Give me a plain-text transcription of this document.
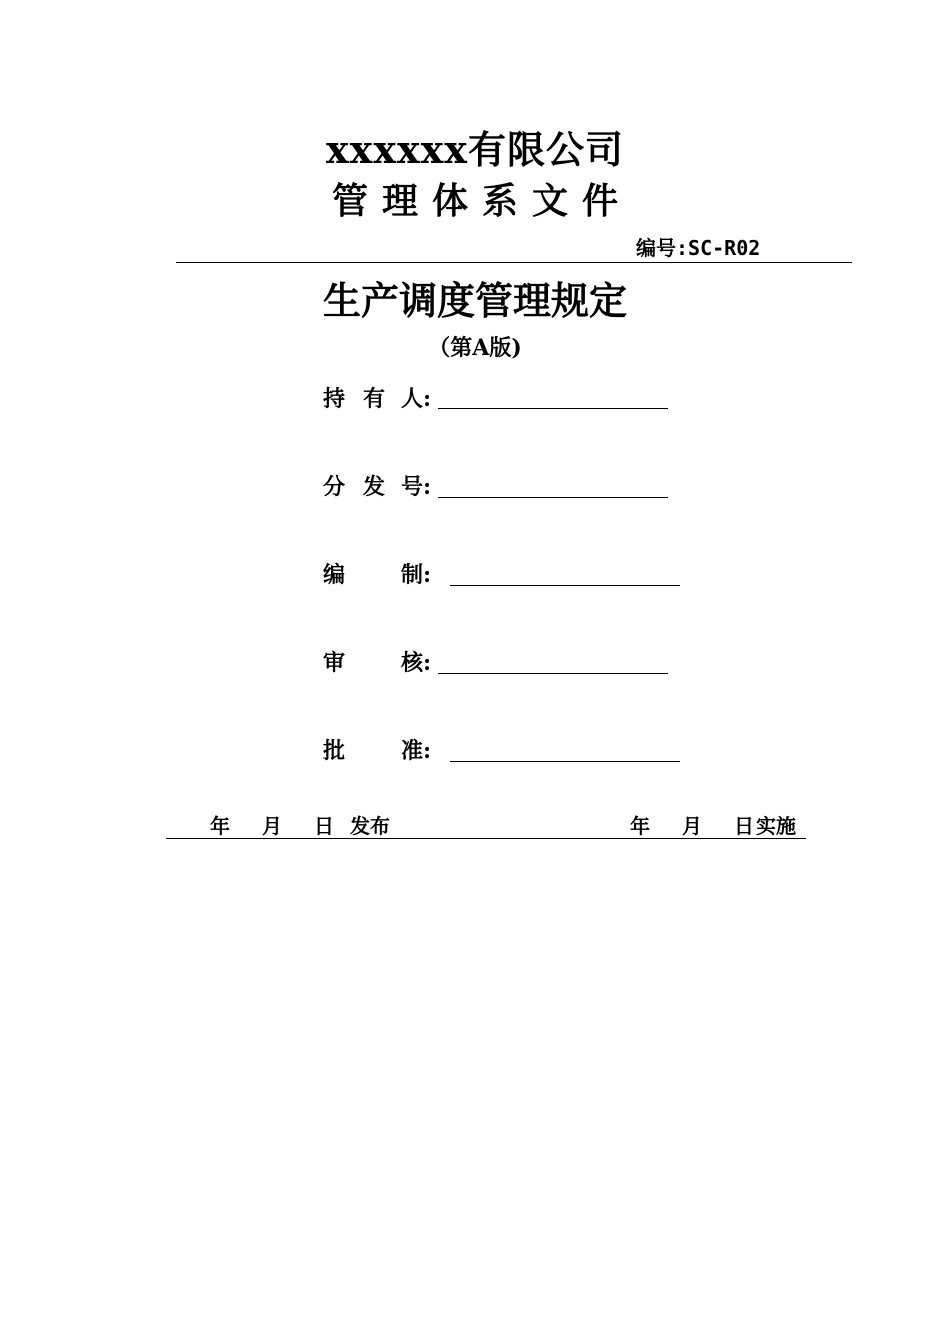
xxxxxx有限公司
管理体系文件
编号:SC-R02
生产调度管理规定
（第A版)
持 有 人:
分 发 号:
编	制:
审	核:
批	准:
年 月 日 发布	年 月 日 实施
